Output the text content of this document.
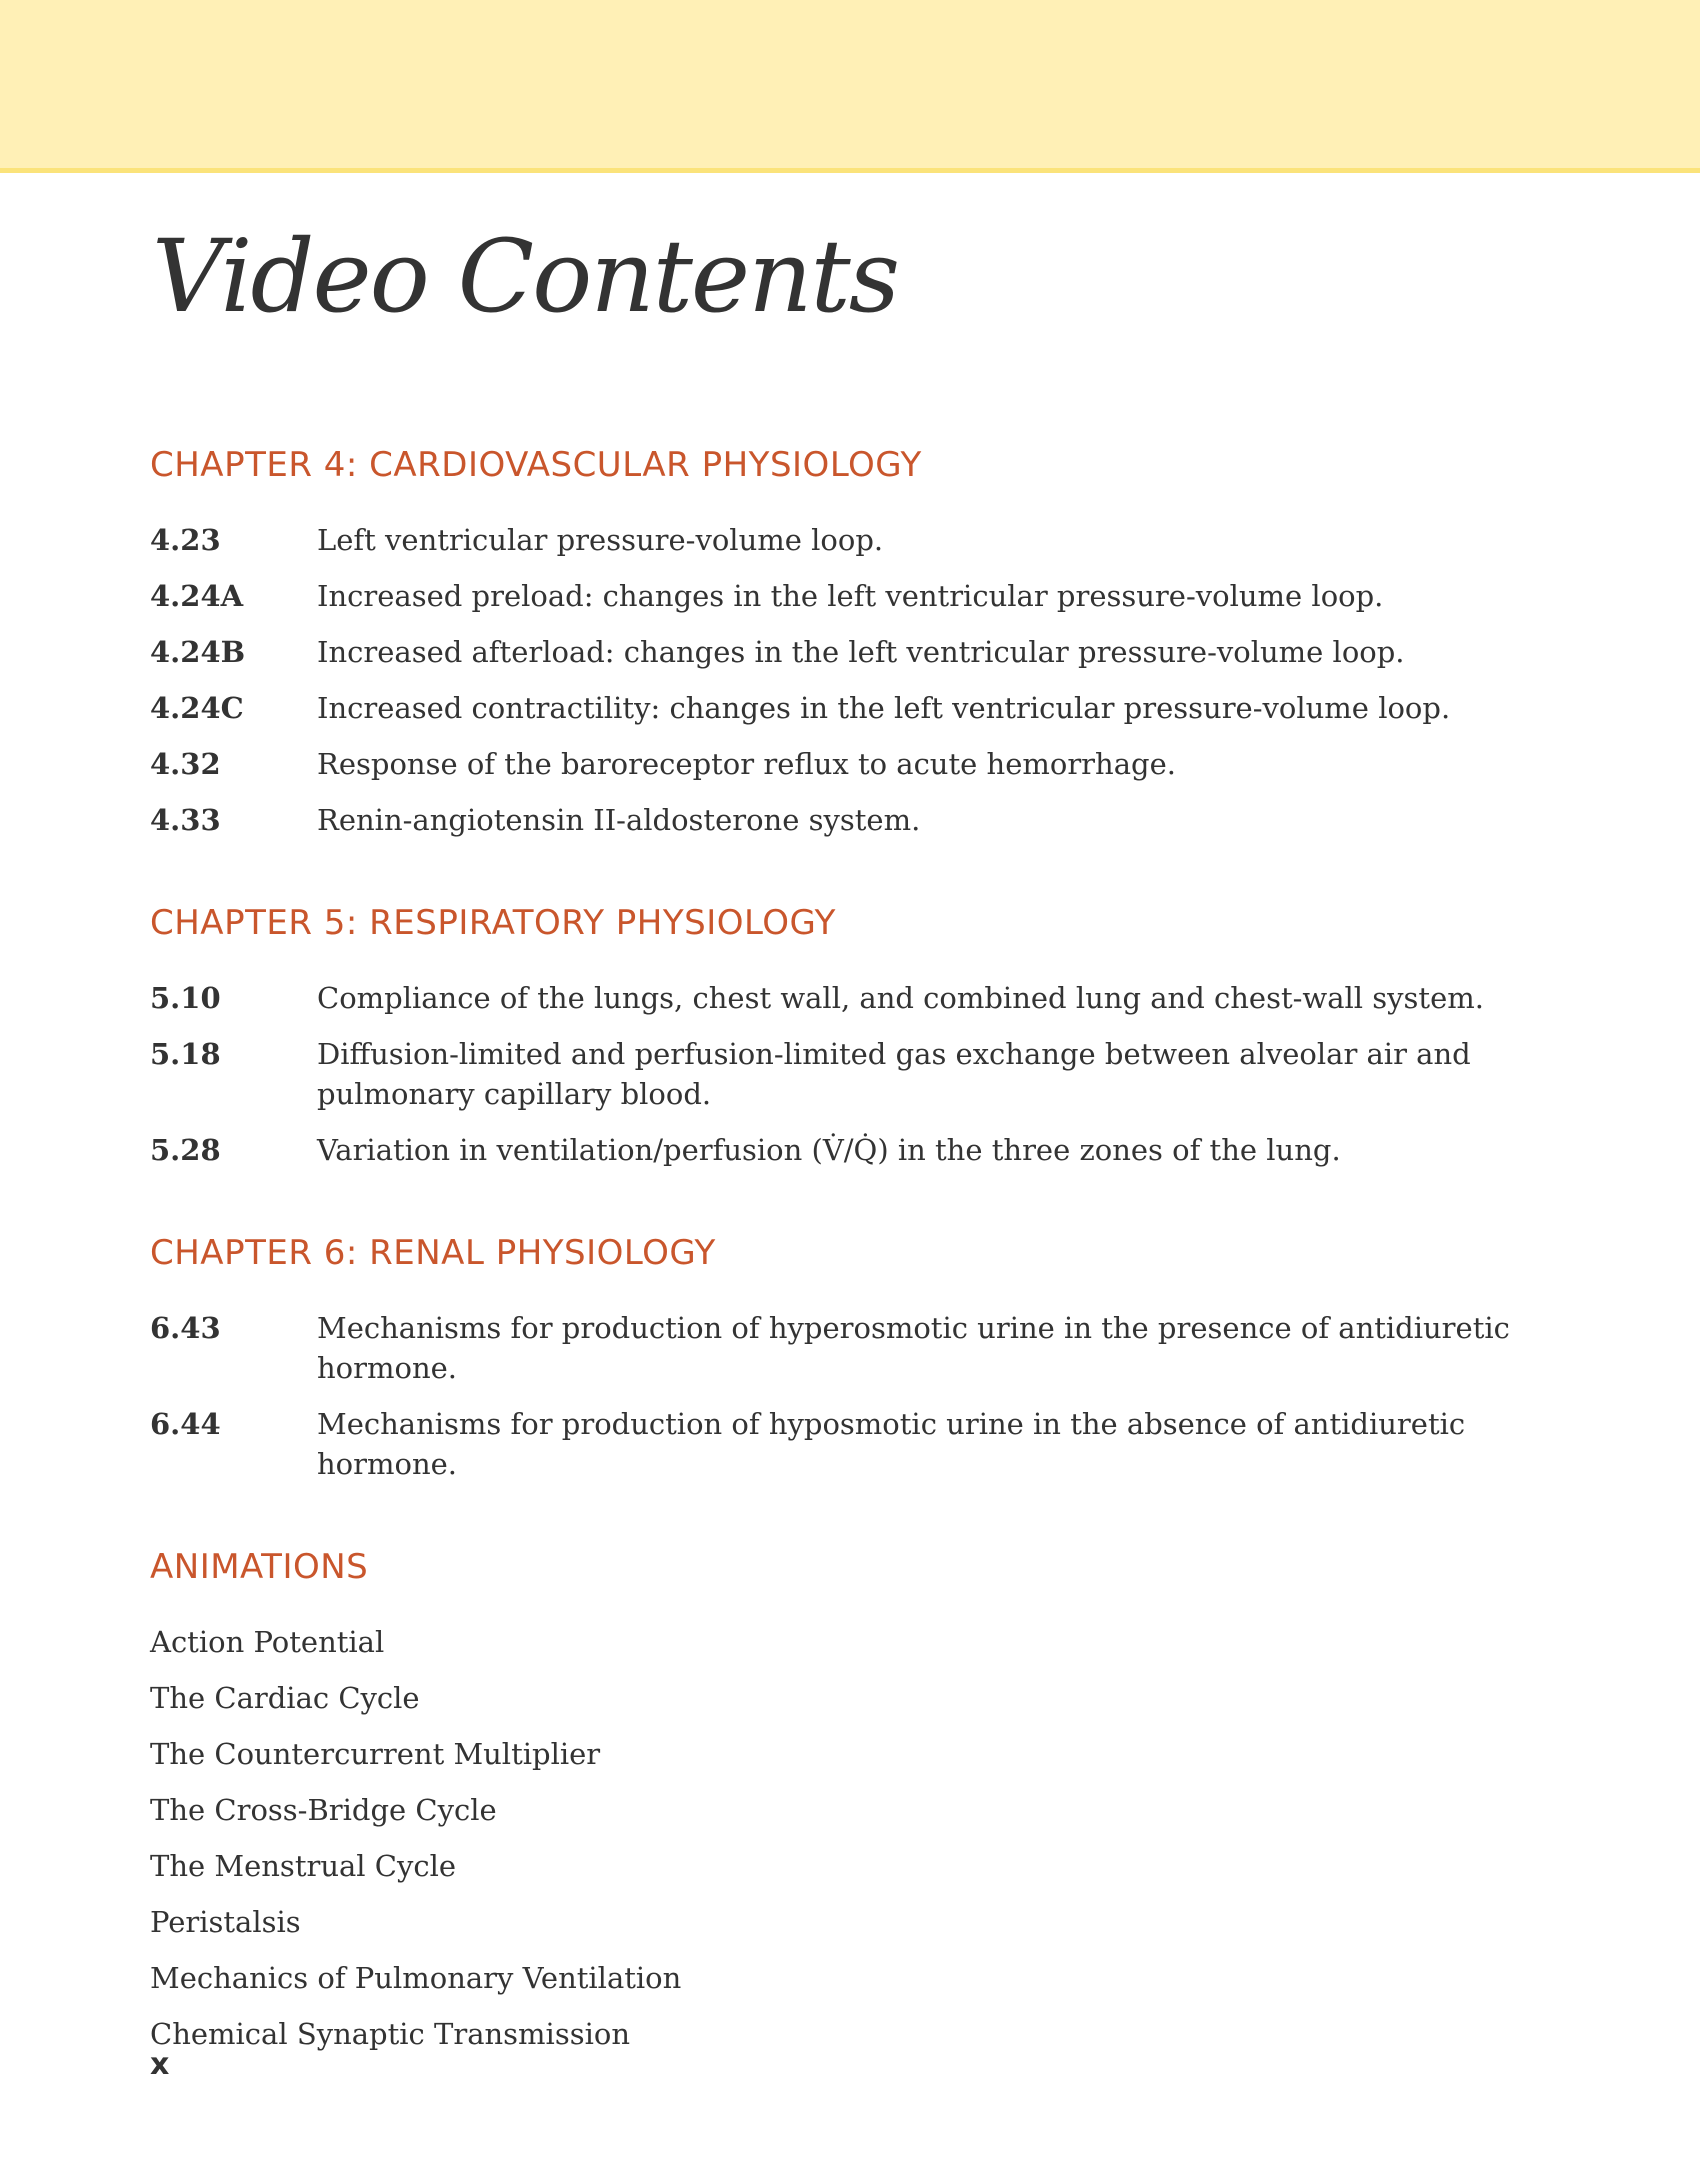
Video Contents
CHAPTER 4: CARDIOVASCULAR PHYSIOLOGY
4.23	Left ventricular pressure-volume loop.
4.24A	Increased preload: changes in the left ventricular pressure-volume loop.
4.24B	Increased afterload: changes in the left ventricular pressure-volume loop.
4.24C	Increased contractility: changes in the left ventricular pressure-volume loop.
4.32	Response of the baroreceptor reflux to acute hemorrhage.
4.33	Renin-angiotensin II-aldosterone system.
CHAPTER 5: RESPIRATORY PHYSIOLOGY
5.10	Compliance of the lungs, chest wall, and combined lung and chest-wall system.
5.18	Diffusion-limited and perfusion-limited gas exchange between alveolar air and pulmonary capillary blood.
5.28	Variation in ventilation/perfusion (V̇/Q̇) in the three zones of the lung.
CHAPTER 6: RENAL PHYSIOLOGY
6.43	Mechanisms for production of hyperosmotic urine in the presence of antidiuretic hormone.
6.44	Mechanisms for production of hyposmotic urine in the absence of antidiuretic hormone.
ANIMATIONS
Action Potential
The Cardiac Cycle
The Countercurrent Multiplier
The Cross-Bridge Cycle
The Menstrual Cycle
Peristalsis
Mechanics of Pulmonary Ventilation
Chemical Synaptic Transmission
x
